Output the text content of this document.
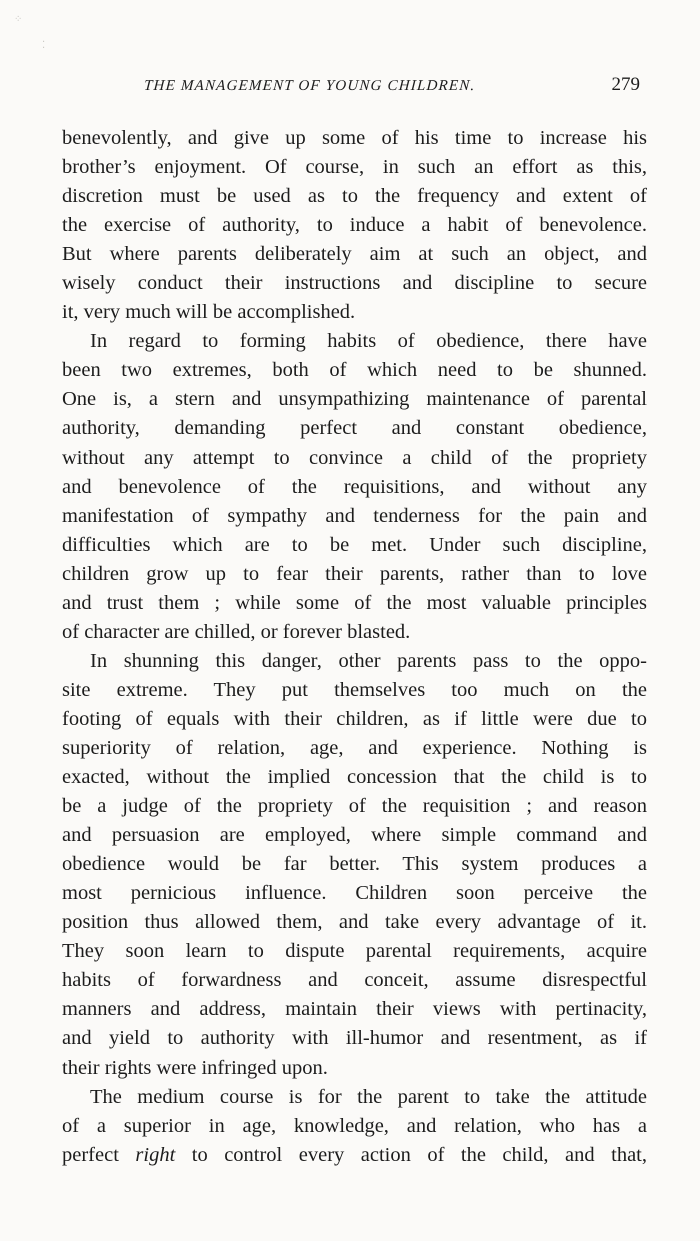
⁘
⁚
THE MANAGEMENT OF YOUNG CHILDREN.	279
benevolently, and give up some of his time to increase his
brother’s enjoyment. Of course, in such an effort as this,
discretion must be used as to the frequency and extent of
the exercise of authority, to induce a habit of benevolence.
But where parents deliberately aim at such an object, and
wisely conduct their instructions and discipline to secure
it, very much will be accomplished.
In regard to forming habits of obedience, there have
been two extremes, both of which need to be shunned.
One is, a stern and unsympathizing maintenance of parental
authority, demanding perfect and constant obedience,
without any attempt to convince a child of the propriety
and benevolence of the requisitions, and without any
manifestation of sympathy and tenderness for the pain and
difficulties which are to be met. Under such discipline,
children grow up to fear their parents, rather than to love
and trust them ; while some of the most valuable principles
of character are chilled, or forever blasted.
In shunning this danger, other parents pass to the oppo-
site extreme. They put themselves too much on the
footing of equals with their children, as if little were due to
superiority of relation, age, and experience. Nothing is
exacted, without the implied concession that the child is to
be a judge of the propriety of the requisition ; and reason
and persuasion are employed, where simple command and
obedience would be far better. This system produces a
most pernicious influence. Children soon perceive the
position thus allowed them, and take every advantage of it.
They soon learn to dispute parental requirements, acquire
habits of forwardness and conceit, assume disrespectful
manners and address, maintain their views with pertinacity,
and yield to authority with ill-humor and resentment, as if
their rights were infringed upon.
The medium course is for the parent to take the attitude
of a superior in age, knowledge, and relation, who has a
perfect right to control every action of the child, and that,
